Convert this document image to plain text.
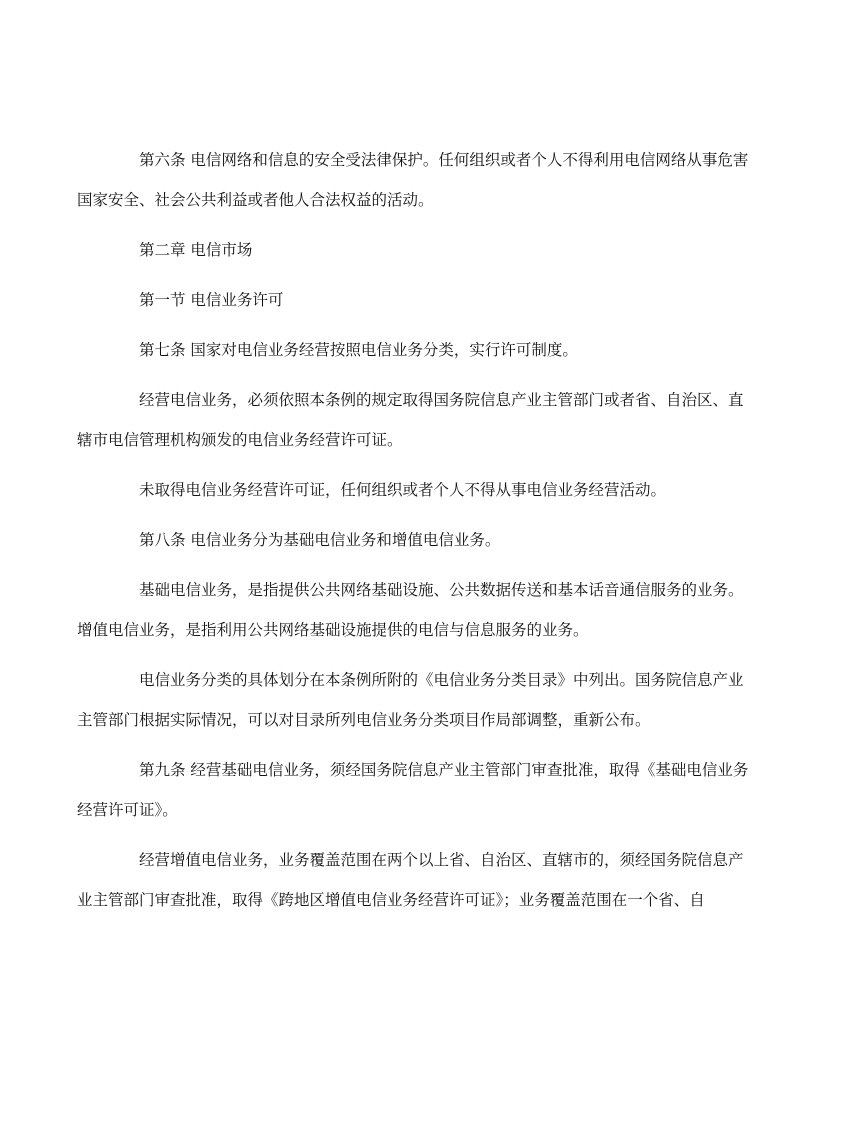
第六条 电信网络和信息的安全受法律保护。任何组织或者个人不得利用电信网络从事危害
国家安全、社会公共利益或者他人合法权益的活动。

第二章 电信市场

第一节 电信业务许可

第七条 国家对电信业务经营按照电信业务分类，实行许可制度。

经营电信业务，必须依照本条例的规定取得国务院信息产业主管部门或者省、自治区、直
辖市电信管理机构颁发的电信业务经营许可证。

未取得电信业务经营许可证，任何组织或者个人不得从事电信业务经营活动。

第八条 电信业务分为基础电信业务和增值电信业务。

基础电信业务，是指提供公共网络基础设施、公共数据传送和基本话音通信服务的业务。
增值电信业务，是指利用公共网络基础设施提供的电信与信息服务的业务。

电信业务分类的具体划分在本条例所附的《电信业务分类目录》中列出。国务院信息产业
主管部门根据实际情况，可以对目录所列电信业务分类项目作局部调整，重新公布。

第九条 经营基础电信业务，须经国务院信息产业主管部门审查批准，取得《基础电信业务
经营许可证》。

经营增值电信业务，业务覆盖范围在两个以上省、自治区、直辖市的，须经国务院信息产
业主管部门审查批准，取得《跨地区增值电信业务经营许可证》；业务覆盖范围在一个省、自
